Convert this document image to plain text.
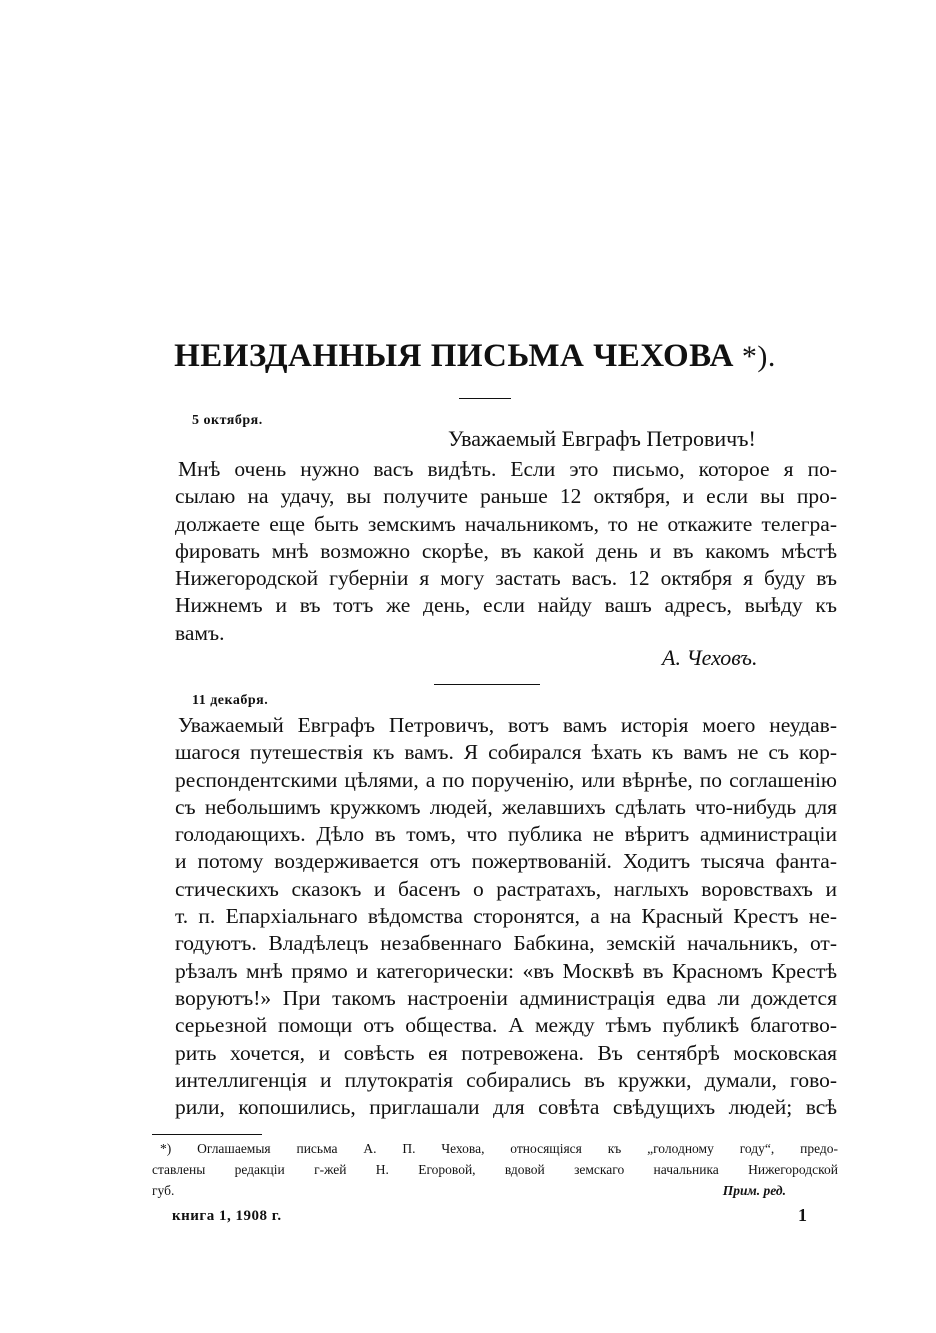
НЕИЗДАННЫЯ ПИСЬМА ЧЕХОВА *).
5 октября.
Уважаемый Евграфъ Петровичъ!
Мнѣ очень нужно васъ видѣть. Если это письмо, которое я по-
сылаю на удачу, вы получите раньше 12 октября, и если вы про-
должаете еще быть земскимъ начальникомъ, то не откажите телегра-
фировать мнѣ возможно скорѣе, въ какой день и въ какомъ мѣстѣ
Нижегородской губерніи я могу застать васъ. 12 октября я буду въ
Нижнемъ и въ тотъ же день, если найду вашъ адресъ, выѣду къ
вамъ.
А. Чеховъ.
11 декабря.
Уважаемый Евграфъ Петровичъ, вотъ вамъ исторія моего неудав-
шагося путешествія къ вамъ. Я собирался ѣхать къ вамъ не съ кор-
респондентскими цѣлями, а по порученію, или вѣрнѣе, по соглашенію
съ небольшимъ кружкомъ людей, желавшихъ сдѣлать что-нибудь для
голодающихъ. Дѣло въ томъ, что публика не вѣритъ администраціи
и потому воздерживается отъ пожертвованій. Ходитъ тысяча фанта-
стическихъ сказокъ и басенъ о растратахъ, наглыхъ воровствахъ и
т. п. Епархіальнаго вѣдомства сторонятся, а на Красный Крестъ не-
годуютъ. Владѣлецъ незабвеннаго Бабкина, земскій начальникъ, от-
рѣзалъ мнѣ прямо и категорически: «въ Москвѣ въ Красномъ Крестѣ
воруютъ!» При такомъ настроеніи администрація едва ли дождется
серьезной помощи отъ общества. А между тѣмъ публикѣ благотво-
рить хочется, и совѣсть ея потревожена. Въ сентябрѣ московская
интеллигенція и плутократія собирались въ кружки, думали, гово-
рили, копошились, приглашали для совѣта свѣдущихъ людей; всѣ
*) Оглашаемыя письма А. П. Чехова, относящіяся къ „голодному году“, предо-
ставлены редакціи г-жей Н. Егоровой, вдовой земскаго начальника Нижегородской
губ.	Прим. ред.
книга 1, 1908 г.	1
